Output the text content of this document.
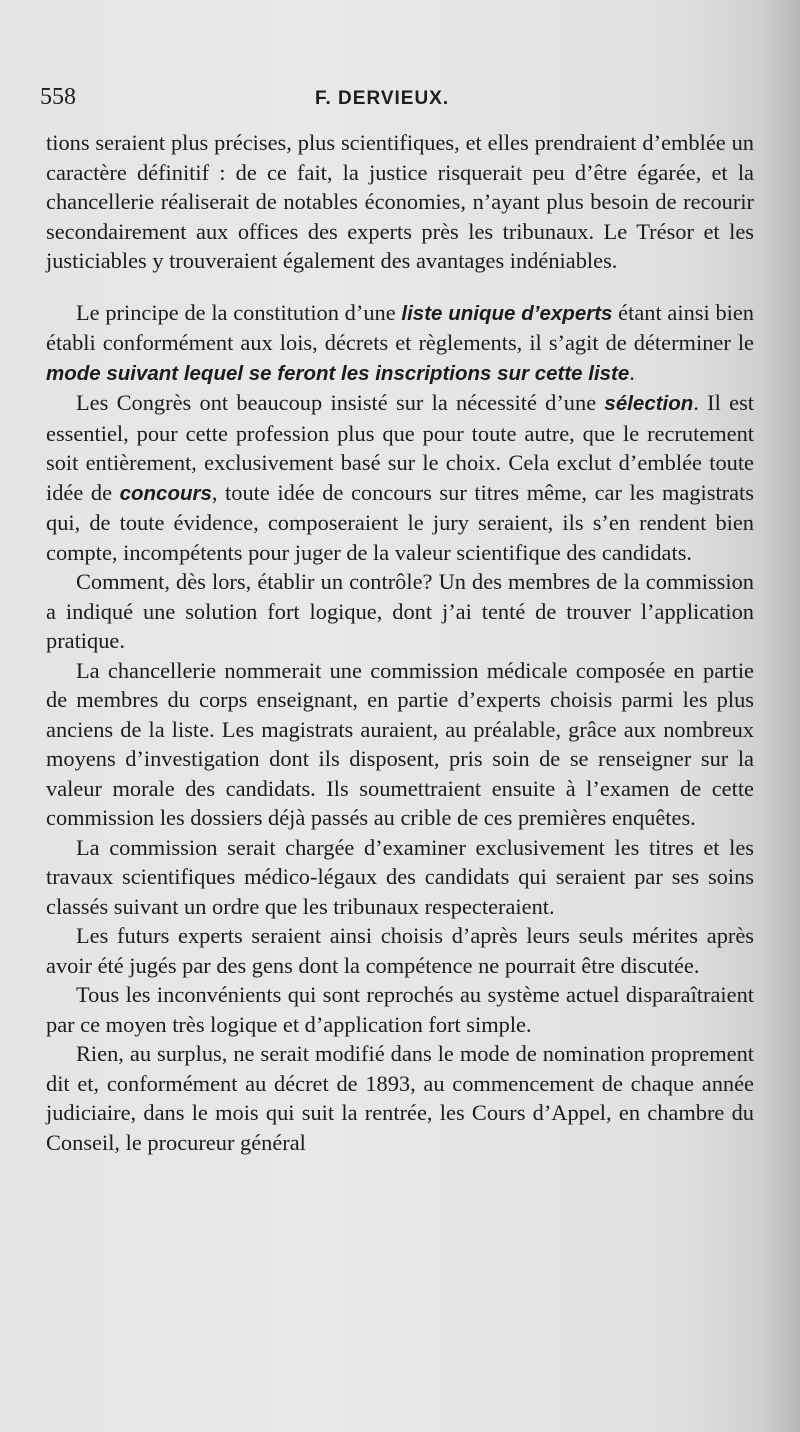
558	F. DERVIEUX.

tions seraient plus précises, plus scientifiques, et elles prendraient d’emblée un caractère définitif : de ce fait, la justice risquerait peu d’être égarée, et la chancellerie réaliserait de notables économies, n’ayant plus besoin de recourir secondairement aux offices des experts près les tribunaux. Le Trésor et les justiciables y trouveraient également des avantages indéniables.

Le principe de la constitution d’une liste unique d’experts étant ainsi bien établi conformément aux lois, décrets et règlements, il s’agit de déterminer le mode suivant lequel se feront les inscriptions sur cette liste.

Les Congrès ont beaucoup insisté sur la nécessité d’une sélection. Il est essentiel, pour cette profession plus que pour toute autre, que le recrutement soit entièrement, exclusivement basé sur le choix. Cela exclut d’emblée toute idée de concours, toute idée de concours sur titres même, car les magistrats qui, de toute évidence, composeraient le jury seraient, ils s’en rendent bien compte, incompétents pour juger de la valeur scientifique des candidats.

Comment, dès lors, établir un contrôle? Un des membres de la commission a indiqué une solution fort logique, dont j’ai tenté de trouver l’application pratique.

La chancellerie nommerait une commission médicale composée en partie de membres du corps enseignant, en partie d’experts choisis parmi les plus anciens de la liste. Les magistrats auraient, au préalable, grâce aux nombreux moyens d’investigation dont ils disposent, pris soin de se renseigner sur la valeur morale des candidats. Ils soumettraient ensuite à l’examen de cette commission les dossiers déjà passés au crible de ces premières enquêtes.

La commission serait chargée d’examiner exclusivement les titres et les travaux scientifiques médico-légaux des candidats qui seraient par ses soins classés suivant un ordre que les tribunaux respecteraient.

Les futurs experts seraient ainsi choisis d’après leurs seuls mérites après avoir été jugés par des gens dont la compétence ne pourrait être discutée.

Tous les inconvénients qui sont reprochés au système actuel disparaîtraient par ce moyen très logique et d’application fort simple.

Rien, au surplus, ne serait modifié dans le mode de nomination proprement dit et, conformément au décret de 1893, au commencement de chaque année judiciaire, dans le mois qui suit la rentrée, les Cours d’Appel, en chambre du Conseil, le procureur général
